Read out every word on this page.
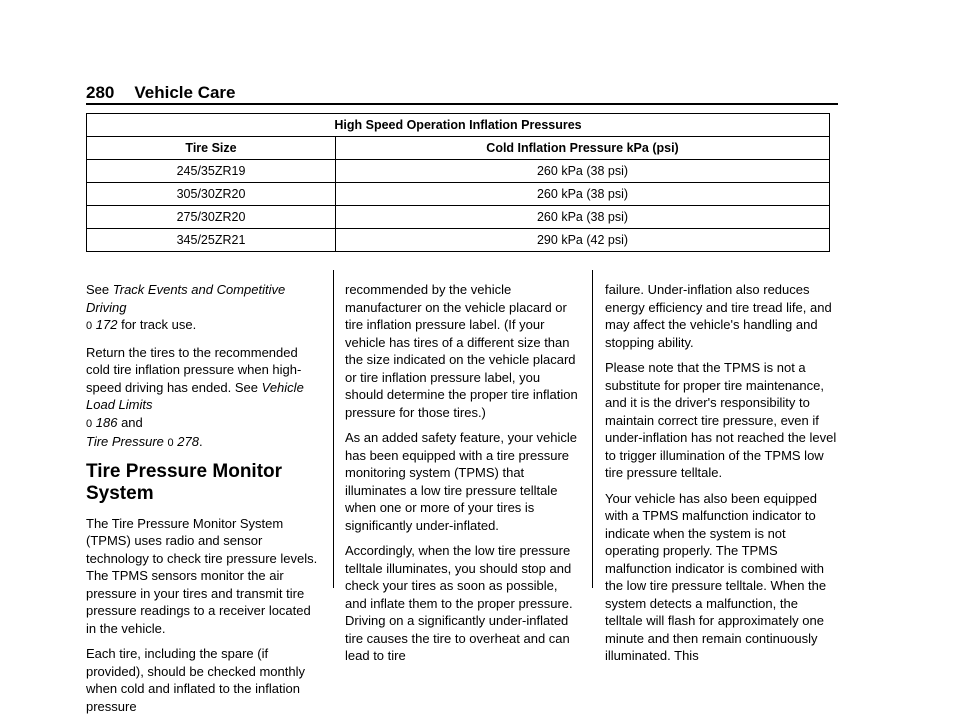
280 Vehicle Care
High Speed Operation Inflation Pressures	
Tire Size	Cold Inflation Pressure kPa (psi)
245/35ZR19	260 kPa (38 psi)
305/30ZR20	260 kPa (38 psi)
275/30ZR20	260 kPa (38 psi)
345/25ZR21	290 kPa (42 psi)

See Track Events and Competitive Driving
0 172 for track use.

Return the tires to the recommended cold tire inflation pressure when high-speed driving has ended. See Vehicle Load Limits
0 186 and
Tire Pressure 0 278.

Tire Pressure Monitor System

The Tire Pressure Monitor System (TPMS) uses radio and sensor technology to check tire pressure levels. The TPMS sensors monitor the air pressure in your tires and transmit tire pressure readings to a receiver located in the vehicle.

Each tire, including the spare (if provided), should be checked monthly when cold and inflated to the inflation pressure

recommended by the vehicle manufacturer on the vehicle placard or tire inflation pressure label. (If your vehicle has tires of a different size than the size indicated on the vehicle placard or tire inflation pressure label, you should determine the proper tire inflation pressure for those tires.)

As an added safety feature, your vehicle has been equipped with a tire pressure monitoring system (TPMS) that illuminates a low tire pressure telltale when one or more of your tires is significantly under-inflated.

Accordingly, when the low tire pressure telltale illuminates, you should stop and check your tires as soon as possible, and inflate them to the proper pressure. Driving on a significantly under-inflated tire causes the tire to overheat and can lead to tire

failure. Under-inflation also reduces energy efficiency and tire tread life, and may affect the vehicle's handling and stopping ability.

Please note that the TPMS is not a substitute for proper tire maintenance, and it is the driver's responsibility to maintain correct tire pressure, even if under-inflation has not reached the level to trigger illumination of the TPMS low tire pressure telltale.

Your vehicle has also been equipped with a TPMS malfunction indicator to indicate when the system is not operating properly. The TPMS malfunction indicator is combined with the low tire pressure telltale. When the system detects a malfunction, the telltale will flash for approximately one minute and then remain continuously illuminated. This
